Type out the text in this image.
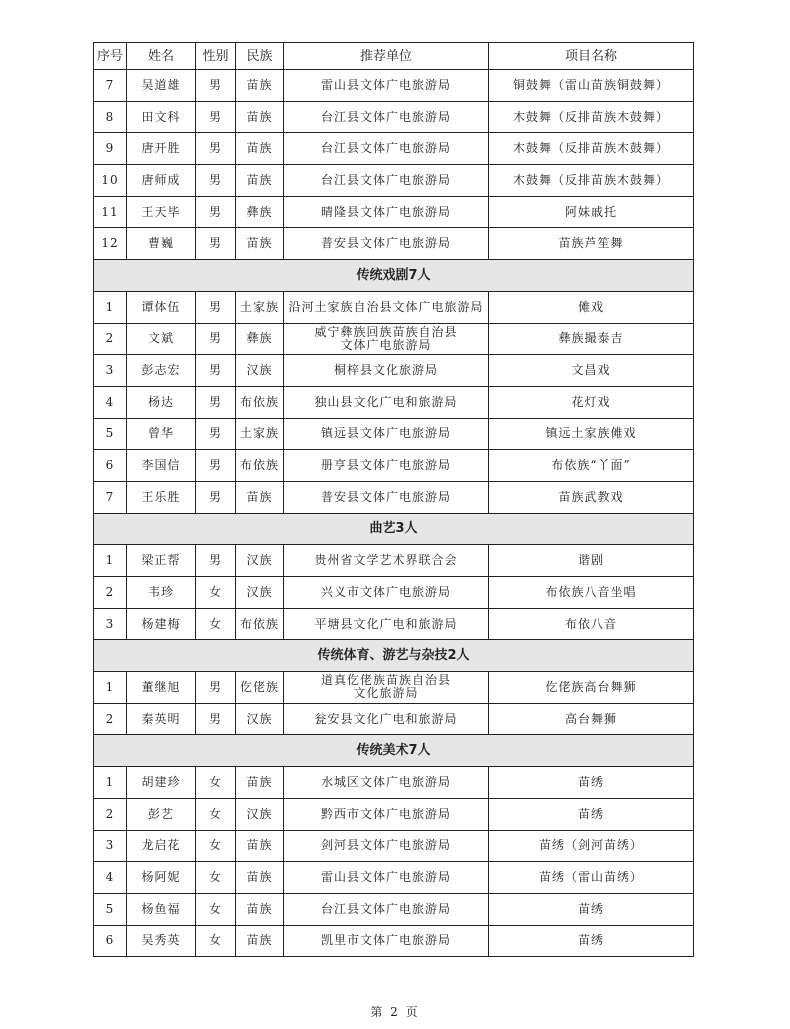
序号	姓名	性别	民族	推荐单位	项目名称
7	吴道雄	男	苗族	雷山县文体广电旅游局	铜鼓舞（雷山苗族铜鼓舞）
8	田文科	男	苗族	台江县文体广电旅游局	木鼓舞（反排苗族木鼓舞）
9	唐开胜	男	苗族	台江县文体广电旅游局	木鼓舞（反排苗族木鼓舞）
10	唐师成	男	苗族	台江县文体广电旅游局	木鼓舞（反排苗族木鼓舞）
11	王天毕	男	彝族	晴隆县文体广电旅游局	阿妹戚托
12	曹巍	男	苗族	普安县文体广电旅游局	苗族芦笙舞
传统戏剧7人					
1	谭体伍	男	土家族	沿河土家族自治县文体广电旅游局	傩戏
2	文斌	男	彝族	威宁彝族回族苗族自治县
文体广电旅游局	彝族撮泰吉
3	彭志宏	男	汉族	桐梓县文化旅游局	文昌戏
4	杨达	男	布依族	独山县文化广电和旅游局	花灯戏
5	曾华	男	土家族	镇远县文体广电旅游局	镇远土家族傩戏
6	李国信	男	布依族	册亨县文体广电旅游局	布依族“丫面”
7	王乐胜	男	苗族	普安县文体广电旅游局	苗族武教戏
曲艺3人					
1	梁正帮	男	汉族	贵州省文学艺术界联合会	谐剧
2	韦珍	女	汉族	兴义市文体广电旅游局	布依族八音坐唱
3	杨建梅	女	布依族	平塘县文化广电和旅游局	布依八音
传统体育、游艺与杂技2人					
1	董继旭	男	仡佬族	道真仡佬族苗族自治县
文化旅游局	仡佬族高台舞狮
2	秦英明	男	汉族	瓮安县文化广电和旅游局	高台舞狮
传统美术7人					
1	胡建珍	女	苗族	水城区文体广电旅游局	苗绣
2	彭艺	女	汉族	黔西市文体广电旅游局	苗绣
3	龙启花	女	苗族	剑河县文体广电旅游局	苗绣（剑河苗绣）
4	杨阿妮	女	苗族	雷山县文体广电旅游局	苗绣（雷山苗绣）
5	杨鱼福	女	苗族	台江县文体广电旅游局	苗绣
6	吴秀英	女	苗族	凯里市文体广电旅游局	苗绣
第 2 页
